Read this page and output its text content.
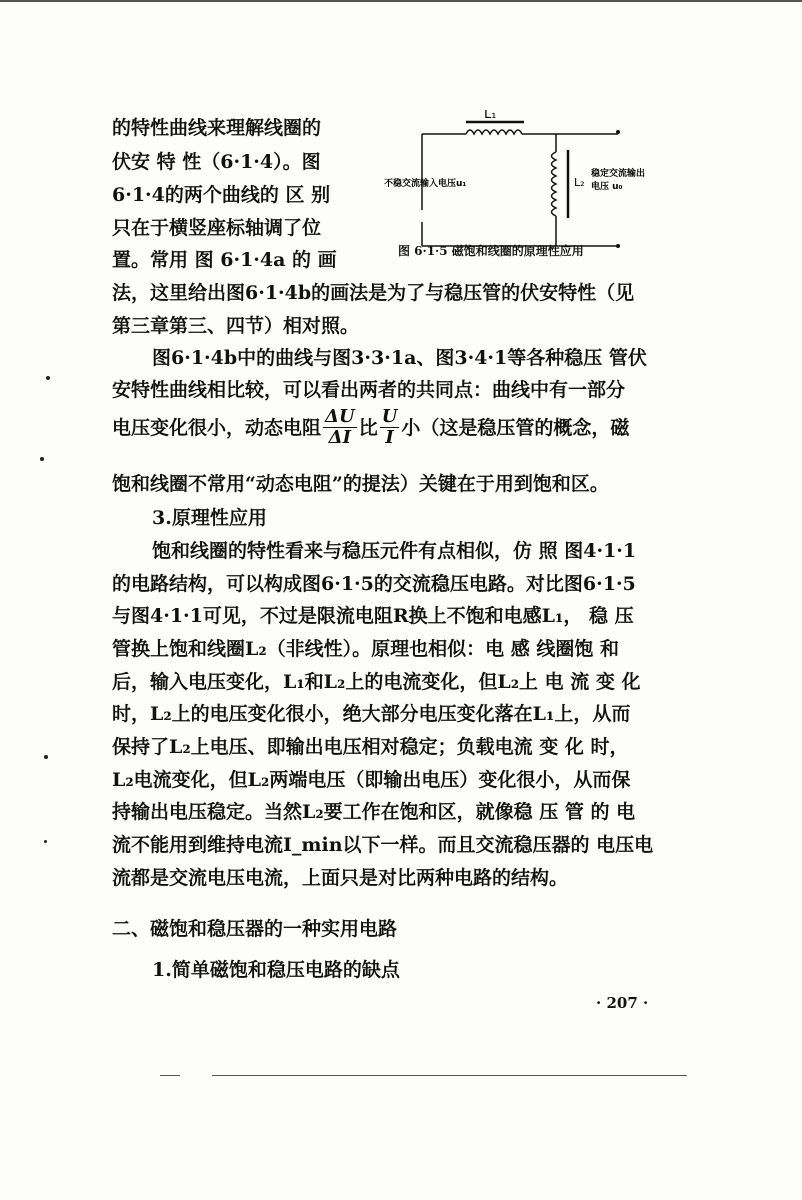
的特性曲线来理解线圈的
伏安 特 性（6·1·4）。图
6·1·4的两个曲线的 区 别
只在于横竖座标轴调了位
置。常用 图 6·1·4a 的 画
法，这里给出图6·1·4b的画法是为了与稳压管的伏安特性（见
第三章第三、四节）相对照。
图6·1·4b中的曲线与图3·3·1a、图3·4·1等各种稳压 管伏
安特性曲线相比较，可以看出两者的共同点：曲线中有一部分
电压变化很小，动态电阻 $\frac{\Delta U}{\Delta I}$ 比 $\frac{U}{I}$ 小（这是稳压管的概念，磁
饱和线圈不常用“动态电阻”的提法）关键在于用到饱和区。
3.原理性应用
饱和线圈的特性看来与稳压元件有点相似，仿 照 图4·1·1
的电路结构，可以构成图6·1·5的交流稳压电路。对比图6·1·5
与图4·1·1可见，不过是限流电阻R换上不饱和电感L₁， 稳 压
管换上饱和线圈L₂（非线性）。原理也相似：电 感 线圈饱 和
后，输入电压变化，L₁和L₂上的电流变化，但L₂上 电 流 变 化
时，L₂上的电压变化很小，绝大部分电压变化落在L₁上，从而
保持了L₂上电压、即输出电压相对稳定；负载电流 变 化 时，
L₂电流变化，但L₂两端电压（即输出电压）变化很小，从而保
持输出电压稳定。当然L₂要工作在饱和区，就像稳 压 管 的 电
流不能用到维持电流I_min以下一样。而且交流稳压器的 电压电
流都是交流电压电流，上面只是对比两种电路的结构。
二、磁饱和稳压器的一种实用电路
1.简单磁饱和稳压电路的缺点
· 207 ·
L₁
L₂
不稳交流输入电压u₁
稳定交流输出
电压 u₀
图 6·1·5 磁饱和线圈的原理性应用
